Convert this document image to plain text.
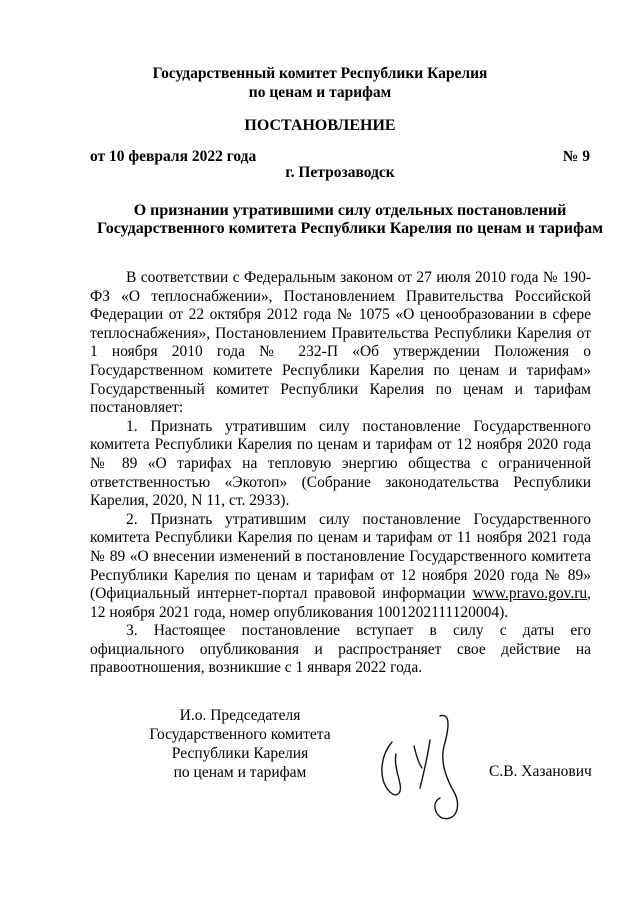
Государственный комитет Республики Карелия
по ценам и тарифам
ПОСТАНОВЛЕНИЕ
от 10 февраля 2022 года	№ 9
г. Петрозаводск
О признании утратившими силу отдельных постановлений
Государственного комитета Республики Карелия по ценам и тарифам

В соответствии с Федеральным законом от 27 июля 2010 года № 190-ФЗ «О теплоснабжении», Постановлением Правительства Российской Федерации от 22 октября 2012 года № 1075 «О ценообразовании в сфере теплоснабжения», Постановлением Правительства Республики Карелия от 1 ноября 2010 года № 232-П «Об утверждении Положения о Государственном комитете Республики Карелия по ценам и тарифам» Государственный комитет Республики Карелия по ценам и тарифам постановляет:

1. Признать утратившим силу постановление Государственного комитета Республики Карелия по ценам и тарифам от 12 ноября 2020 года № 89 «О тарифах на тепловую энергию общества с ограниченной ответственностью «Экотоп» (Собрание законодательства Республики Карелия, 2020, N 11, ст. 2933).

2. Признать утратившим силу постановление Государственного комитета Республики Карелия по ценам и тарифам от 11 ноября 2021 года № 89 «О внесении изменений в постановление Государственного комитета Республики Карелия по ценам и тарифам от 12 ноября 2020 года № 89» (Официальный интернет-портал правовой информации www.pravo.gov.ru, 12 ноября 2021 года, номер опубликования 1001202111120004).

3. Настоящее постановление вступает в силу с даты его официального опубликования и распространяет свое действие на правоотношения, возникшие с 1 января 2022 года.

И.о. Председателя
Государственного комитета
Республики Карелия
по ценам и тарифам	С.В. Хазанович
